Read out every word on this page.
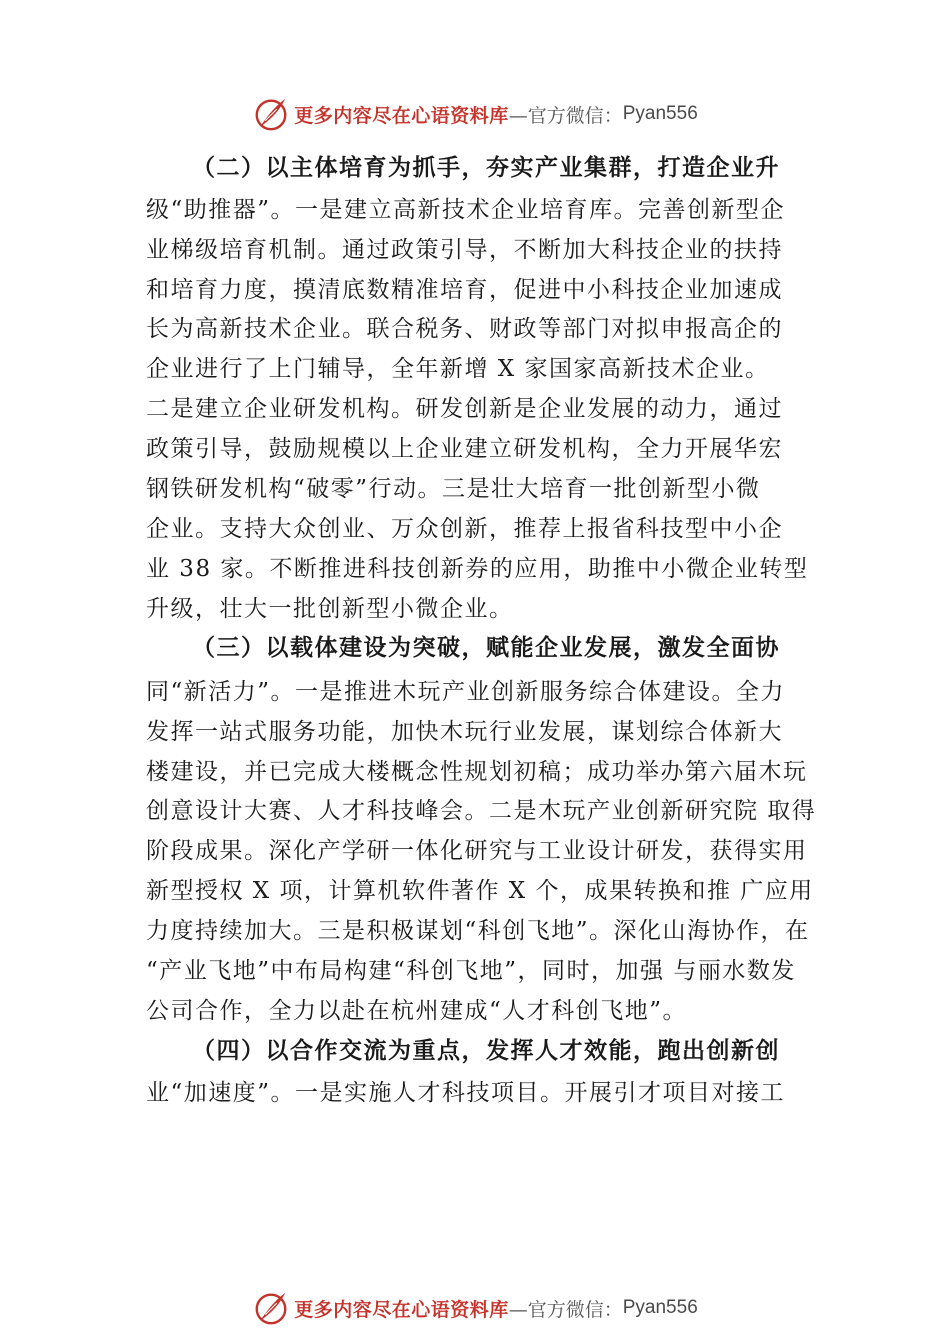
更多内容尽在心语资料库 —官方微信： Pyan556
（二）以主体培育为抓手，夯实产业集群，打造企业升
级“助推器”。一是建立高新技术企业培育库。完善创新型企
业梯级培育机制。通过政策引导，不断加大科技企业的扶持
和培育力度，摸清底数精准培育，促进中小科技企业加速成
长为高新技术企业。联合税务、财政等部门对拟申报高企的
企业进行了上门辅导，全年新增 X 家国家高新技术企业。
二是建立企业研发机构。研发创新是企业发展的动力，通过
政策引导，鼓励规模以上企业建立研发机构，全力开展华宏
钢铁研发机构“破零”行动。三是壮大培育一批创新型小微
企业。支持大众创业、万众创新，推荐上报省科技型中小企
业 38 家。不断推进科技创新券的应用，助推中小微企业转型
升级，壮大一批创新型小微企业。
（三）以载体建设为突破，赋能企业发展，激发全面协
同“新活力”。一是推进木玩产业创新服务综合体建设。全力
发挥一站式服务功能，加快木玩行业发展，谋划综合体新大
楼建设，并已完成大楼概念性规划初稿；成功举办第六届木玩
创意设计大赛、人才科技峰会。二是木玩产业创新研究院 取得
阶段成果。深化产学研一体化研究与工业设计研发，获得实用
新型授权 X 项，计算机软件著作 X 个，成果转换和推 广应用
力度持续加大。三是积极谋划“科创飞地”。深化山海协作，在
“产业飞地”中布局构建“科创飞地”，同时，加强 与丽水数发
公司合作，全力以赴在杭州建成“人才科创飞地”。
（四）以合作交流为重点，发挥人才效能，跑出创新创
业“加速度”。一是实施人才科技项目。开展引才项目对接工
更多内容尽在心语资料库 —官方微信： Pyan556
